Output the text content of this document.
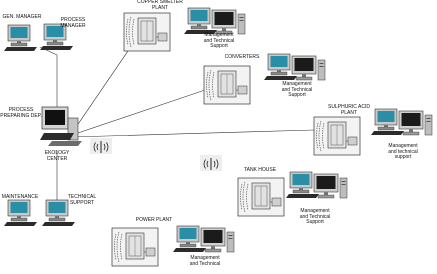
GEN. MANAGER	PROCESS
MANAGER
PROCESS
PREPARING DEP.
EKOLOGY
CENTER
MAINTENANCE	TECHNICAL
SUPPORT
COPPER SMELTER
PLANT
CONVERTERS
SULPHURIC ACID
PLANT
TANK HOUSE
POWER PLANT
Management
and Technical
Support
Management
and Technical
Support
Management
and technical
support
Management
and Technical
Support
Management
and Technical
